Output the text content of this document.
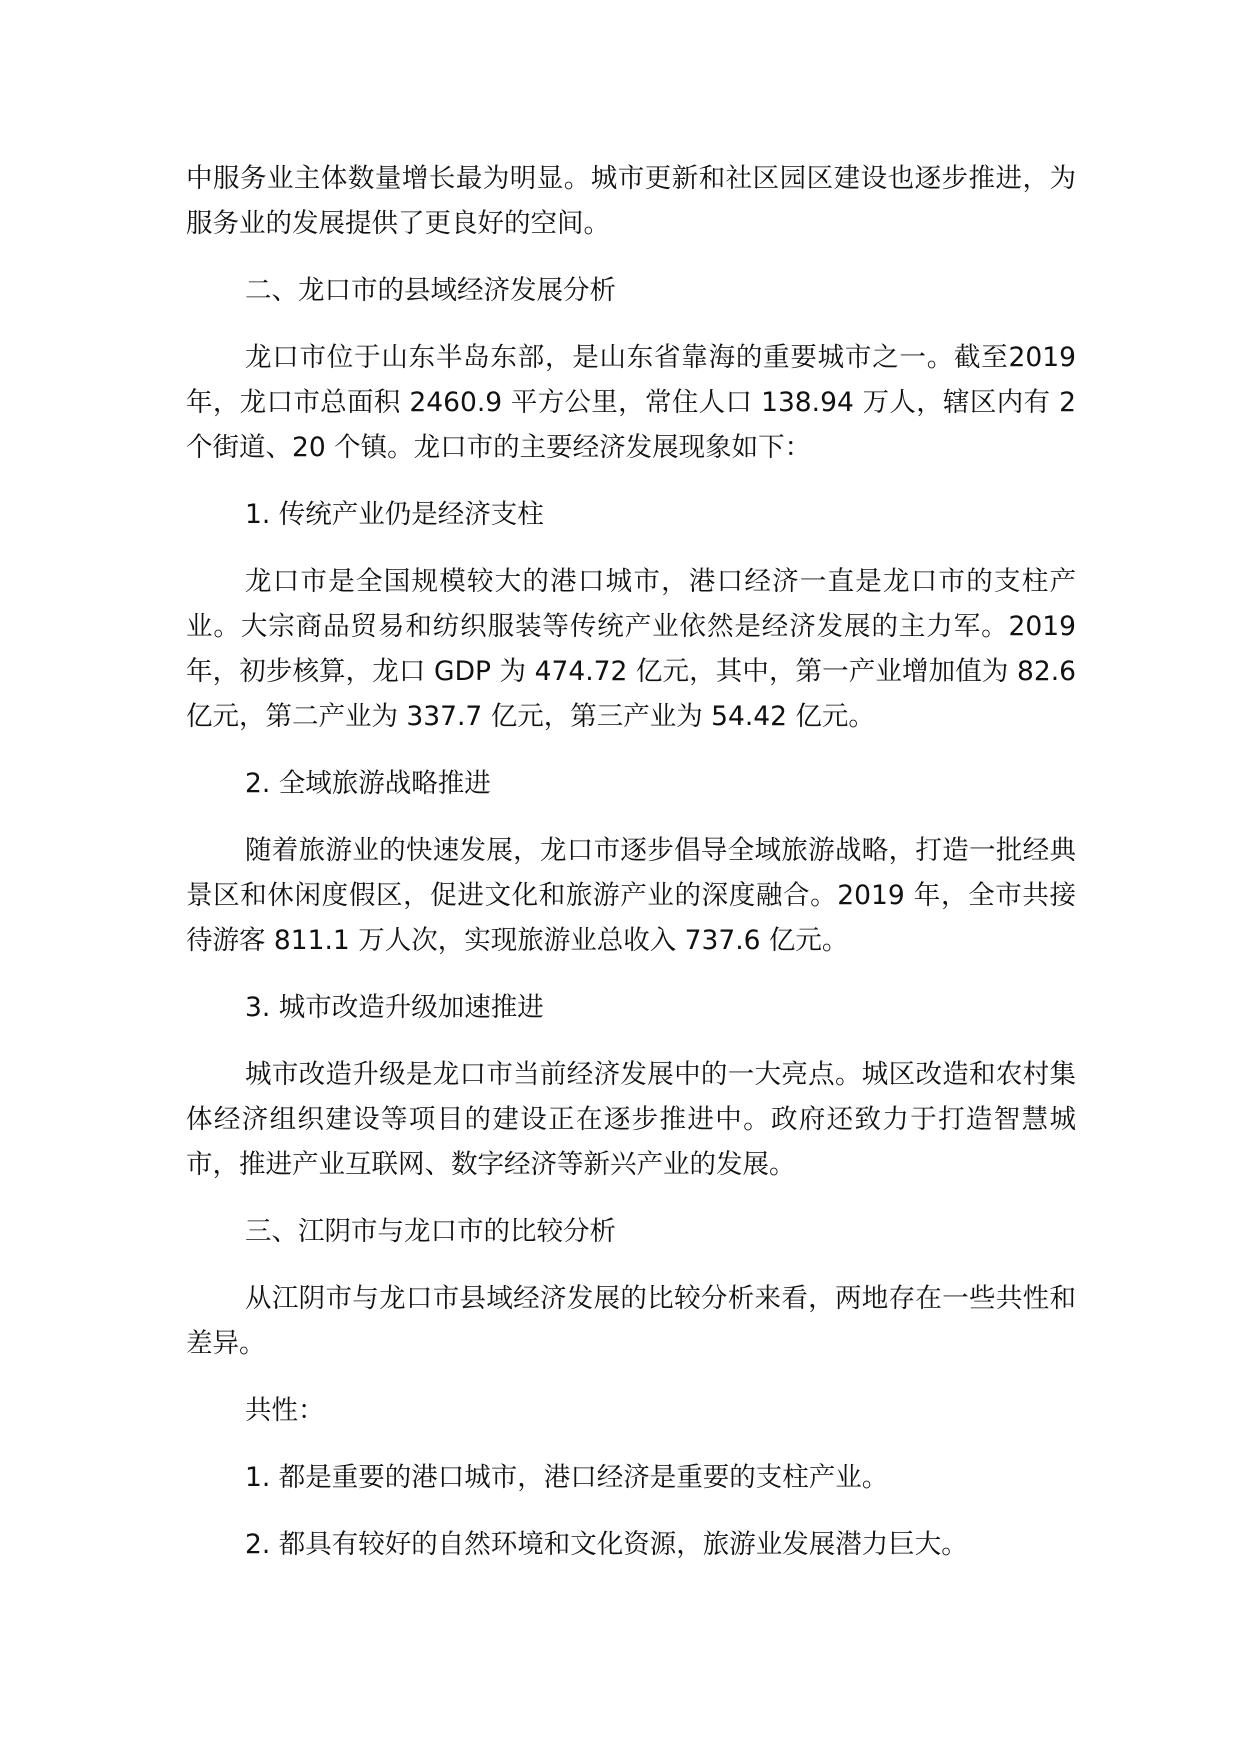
中服务业主体数量增长最为明显。城市更新和社区园区建设也逐步推进，为服务业的发展提供了更良好的空间。

二、龙口市的县域经济发展分析

龙口市位于山东半岛东部，是山东省靠海的重要城市之一。截至2019 年，龙口市总面积 2460.9 平方公里，常住人口 138.94 万人，辖区内有 2 个街道、20 个镇。龙口市的主要经济发展现象如下：

1. 传统产业仍是经济支柱

龙口市是全国规模较大的港口城市，港口经济一直是龙口市的支柱产业。大宗商品贸易和纺织服装等传统产业依然是经济发展的主力军。2019 年，初步核算，龙口 GDP 为 474.72 亿元，其中，第一产业增加值为 82.6 亿元，第二产业为 337.7 亿元，第三产业为 54.42 亿元。

2. 全域旅游战略推进

随着旅游业的快速发展，龙口市逐步倡导全域旅游战略，打造一批经典景区和休闲度假区，促进文化和旅游产业的深度融合。2019 年，全市共接待游客 811.1 万人次，实现旅游业总收入 737.6 亿元。

3. 城市改造升级加速推进

城市改造升级是龙口市当前经济发展中的一大亮点。城区改造和农村集体经济组织建设等项目的建设正在逐步推进中。政府还致力于打造智慧城市，推进产业互联网、数字经济等新兴产业的发展。

三、江阴市与龙口市的比较分析

从江阴市与龙口市县域经济发展的比较分析来看，两地存在一些共性和差异。

共性：

1. 都是重要的港口城市，港口经济是重要的支柱产业。

2. 都具有较好的自然环境和文化资源，旅游业发展潜力巨大。
